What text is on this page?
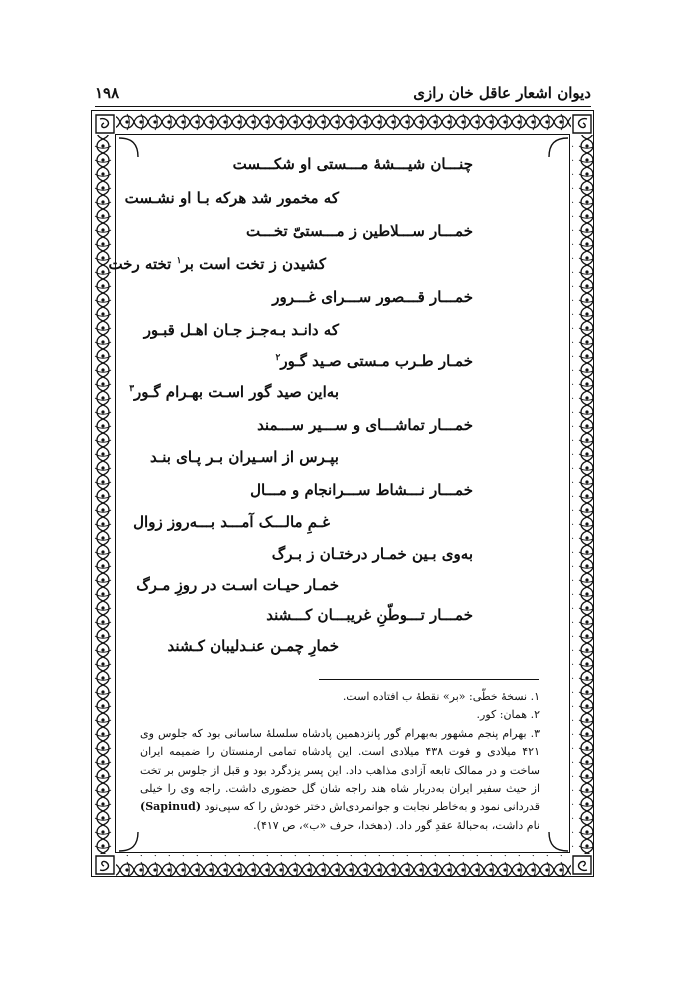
۱۹۸	دیوان اشعار عاقل خان رازی
چنـــان شیـــشهٔ مـــستی او شکـــست
که مخمور شد هرکه بـا او نشـست
خمـــار ســـلاطین ز مـــستیّ تخـــت
کشیدن ز تخت است بر$^۱$ تخته رخت
خمـــار قـــصور ســـرای غـــرور
که دانـد بـه‌جـز جـان اهـل قبـور
خمـار طـرب مـستی صـید گـور$^۲$
به‌این صید گور اسـت بهـرام گـور$^۳$
خمـــار تماشـــای و ســـیر ســـمند
بپـرس از اسـیران بـر پـای بنـد
خمـــار نـــشاط ســـرانجام و مـــال
غـمِ مالـــک آمـــد بـــه‌روز زوال
به‌وی بـین خمـار درختـان ز بـرگ
خمـار حیـات اسـت در روزِ مـرگ
خمـــار تـــوطّنِ غریبـــان کـــشند
خمارِ چمـن عنـدلیبان کـشند

۱. نسخهٔ خطّی: «بر» نقطهٔ ب افتاده است.

۲. همان: کور.

۳. بهرام پنجم مشهور به‌بهرام گور پانزدهمین پادشاه سلسلهٔ ساسانی بود که جلوس وی ۴۲۱ میلادی و فوت ۴۳۸ میلادی است. این پادشاه تمامی ارمنستان را ضمیمه ایران ساخت و در ممالک تابعه آزادی مذاهب داد. این پسر یزدگرد بود و قبل از جلوس بر تخت از حیث سفیر ایران به‌دربار شاه هند راجه شان گل حضوری داشت. راجه وی را خیلی قدردانی نمود و به‌خاطر نجابت و جوانمردی‌اش دختر خودش را که سپی‌نود (Sapinud) نام داشت، به‌حبالهٔ عقدِ گور داد. (دهخدا، حرف «ب»، ص ۴۱۷).
